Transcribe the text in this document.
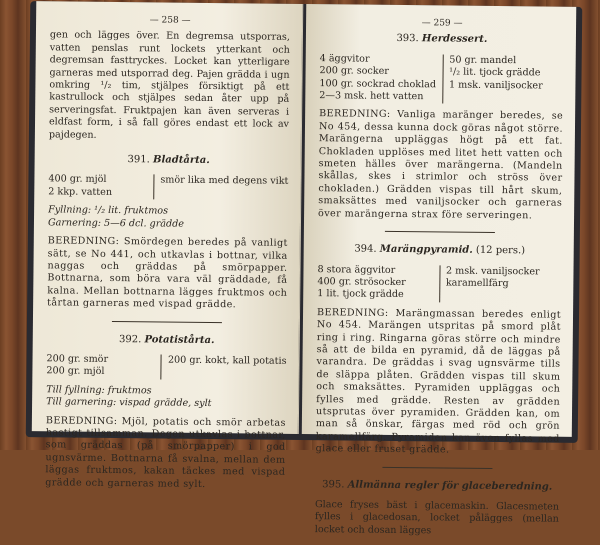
— 258 —

gen och lägges över. En degremsa utsporras, vatten penslas runt lockets ytterkant och degremsan fasttryckes. Locket kan ytterligare garneras med utsporrad deg. Pajen grädda i ugn omkring ¹/₂ tim, stjälpes försiktigt på ett kastrullock och stjälpes sedan åter upp på serveringsfat. Fruktpajen kan även serveras i eldfast form, i så fall göres endast ett lock av pajdegen.

391. Bladtårta.
400 gr. mjöl
2 kkp. vatten
smör lika med degens vikt
Fyllning: ¹/₂ lit. fruktmos
Garnering: 5—6 dcl. grädde

BEREDNING: Smördegen beredes på vanligt sätt, se No 441, och utkavlas i bottnar, vilka naggas och gräddas på smörpapper. Bottnarna, som böra vara väl gräddade, få kalna. Mellan bottnarna lägges fruktmos och tårtan garneras med vispad grädde.

392. Potatistårta.
200 gr. smör
200 gr. mjöl
200 gr. kokt, kall potatis
Till fyllning: fruktmos
Till garnering: vispad grädde, sylt

BEREDNING: Mjöl, potatis och smör arbetas hastigt tillsamman. Degen utkavlas i bottnar, som gräddas (på smörpapper) i god ugnsvärme. Bottnarna få svalna, mellan dem läggas fruktmos, kakan täckes med vispad grädde och garneras med sylt.

— 259 —
393. Herdessert.
4 äggvitor
200 gr. socker
100 gr. sockrad choklad
2—3 msk. hett vatten
50 gr. mandel
¹/₂ lit. tjock grädde
1 msk. vaniljsocker

BEREDNING: Vanliga maränger beredes, se No 454, dessa kunna dock göras något större. Marängerna uppläggas högt på ett fat. Chokladen upplöses med litet hett vatten och smeten hälles över marängerna. (Mandeln skållas, skes i strimlor och ströss över chokladen.) Grädden vispas till hårt skum, smaksättes med vaniljsocker och garneras över marängerna strax före serveringen.

394. Marängpyramid. (12 pers.)
8 stora äggvitor
400 gr. strösocker
1 lit. tjock grädde
2 msk. vaniljsocker
karamellfärg

BEREDNING: Marängmassan beredes enligt No 454. Marängen utspritas på smord plåt ring i ring. Ringarna göras större och mindre så att de bilda en pyramid, då de läggas på varandra. De gräddas i svag ugnsvärme tills de släppa plåten. Grädden vispas till skum och smaksättes. Pyramiden uppläggas och fylles med grädde. Resten av grädden utsprutas över pyramiden. Grädden kan, om man så önskar, färgas med röd och grön karamellfärg. Pyramiden kan även fyllas med glace eller fruset grädde.

395. Allmänna regler för glaceberedning.

Glace fryses bäst i glacemaskin. Glacesmeten fylles i glacedosan, locket pålägges (mellan locket och dosan lägges
